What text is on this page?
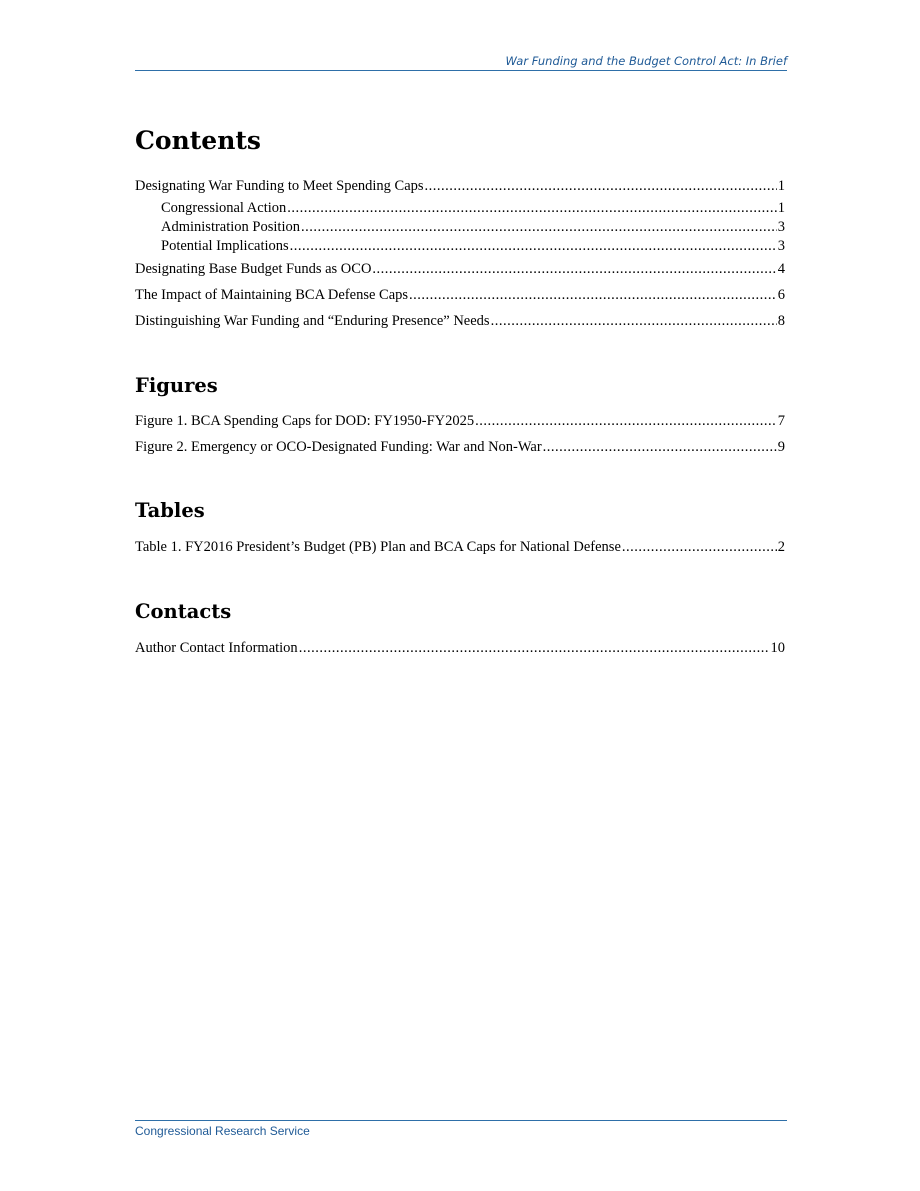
War Funding and the Budget Control Act: In Brief
Contents
Designating War Funding to Meet Spending Caps .....	1
Congressional Action .....	1
Administration Position .....	3
Potential Implications .....	3
Designating Base Budget Funds as OCO .....	4
The Impact of Maintaining BCA Defense Caps .....	6
Distinguishing War Funding and “Enduring Presence” Needs .....	8
Figures
Figure 1. BCA Spending Caps for DOD: FY1950-FY2025 .....	7
Figure 2. Emergency or OCO-Designated Funding: War and Non-War .....	9
Tables
Table 1. FY2016 President’s Budget (PB) Plan and BCA Caps for National Defense .....	2
Contacts
Author Contact Information .....	10
Congressional Research Service
